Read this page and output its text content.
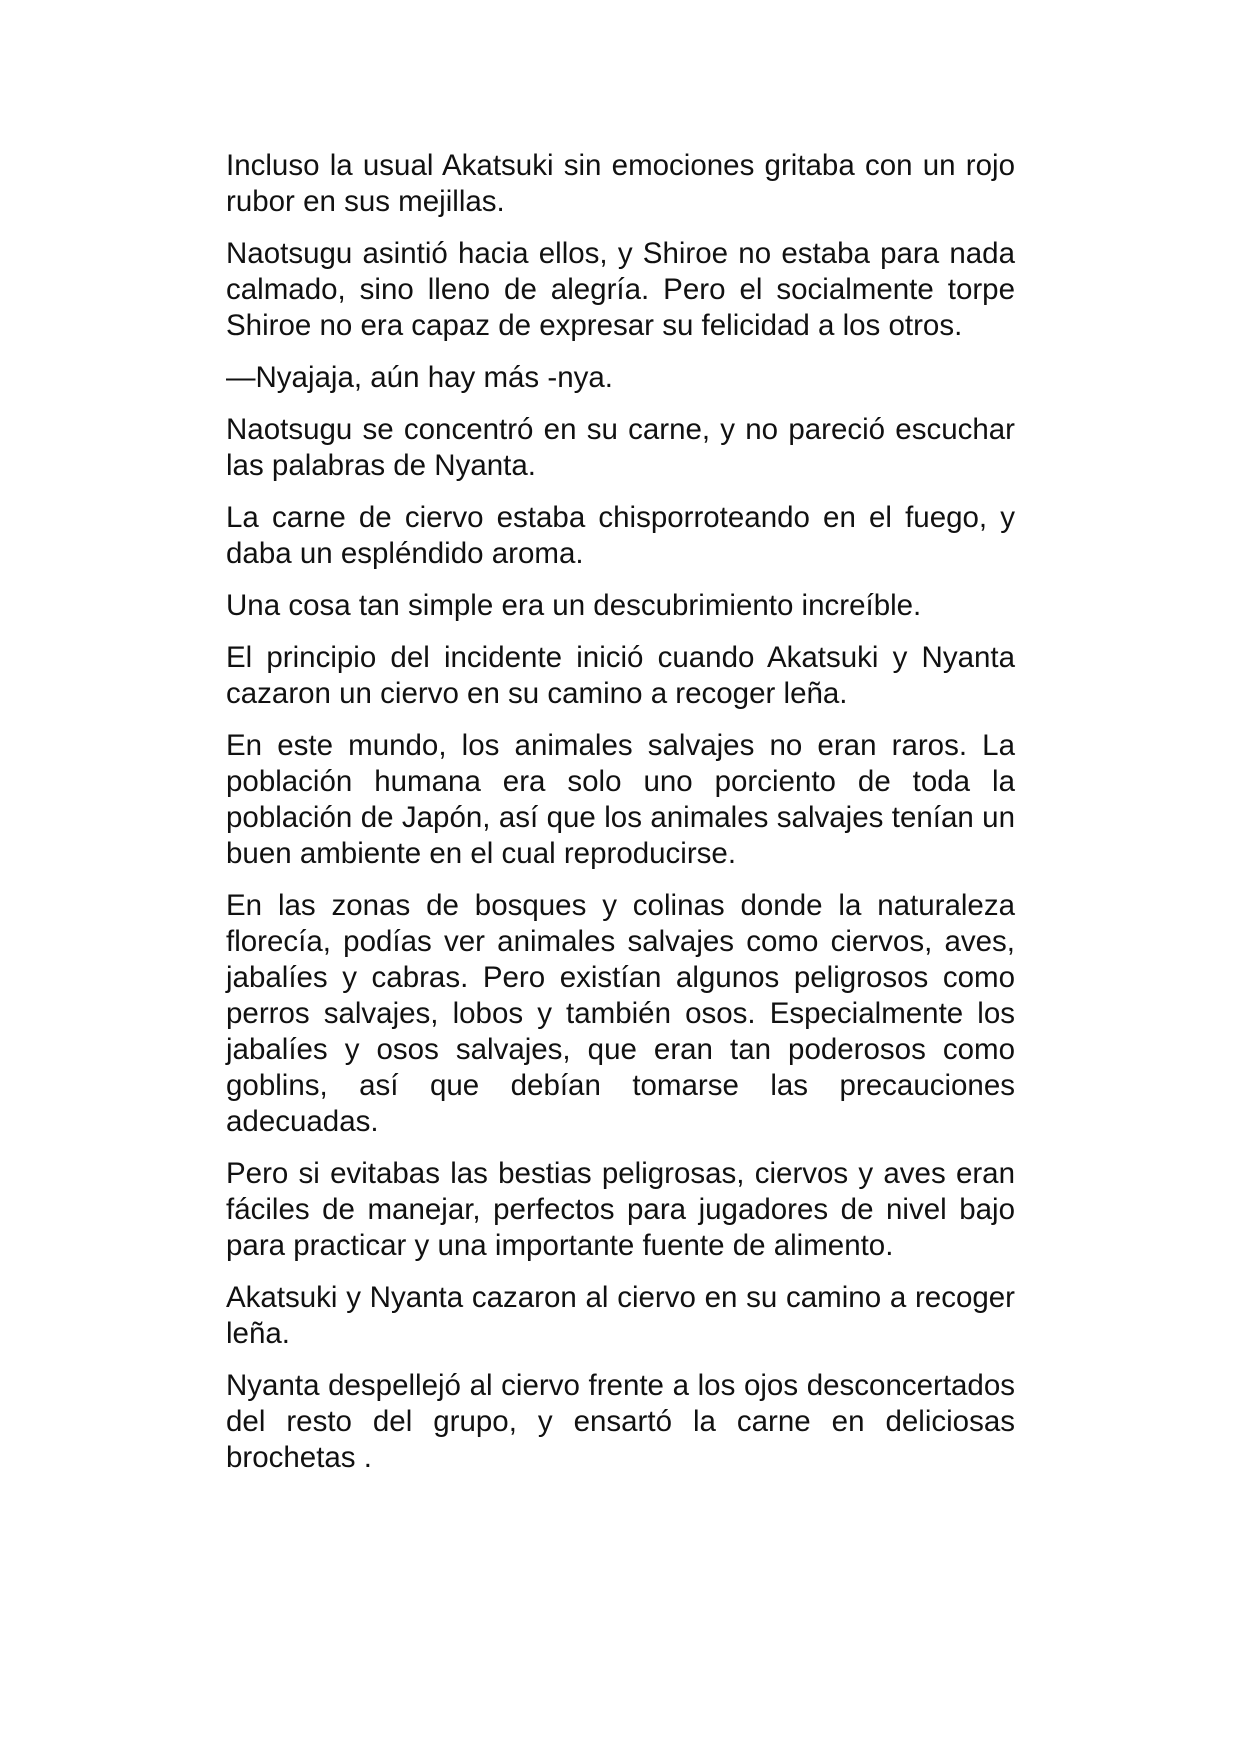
Incluso la usual Akatsuki sin emociones gritaba con un rojo rubor en sus mejillas.

Naotsugu asintió hacia ellos, y Shiroe no estaba para nada calmado, sino lleno de alegría. Pero el socialmente torpe Shiroe no era capaz de expresar su felicidad a los otros.

—Nyajaja, aún hay más -nya.

Naotsugu se concentró en su carne, y no pareció escuchar las palabras de Nyanta.

La carne de ciervo estaba chisporroteando en el fuego, y daba un espléndido aroma.

Una cosa tan simple era un descubrimiento increíble.

El principio del incidente inició cuando Akatsuki y Nyanta cazaron un ciervo en su camino a recoger leña.

En este mundo, los animales salvajes no eran raros. La población humana era solo uno porciento de toda la población de Japón, así que los animales salvajes tenían un buen ambiente en el cual reproducirse.

En las zonas de bosques y colinas donde la naturaleza florecía, podías ver animales salvajes como ciervos, aves, jabalíes y cabras. Pero existían algunos peligrosos como perros salvajes, lobos y también osos. Especialmente los jabalíes y osos salvajes, que eran tan poderosos como goblins, así que debían tomarse las precauciones adecuadas.

Pero si evitabas las bestias peligrosas, ciervos y aves eran fáciles de manejar, perfectos para jugadores de nivel bajo para practicar y una importante fuente de alimento.

Akatsuki y Nyanta cazaron al ciervo en su camino a recoger leña.

Nyanta despellejó al ciervo frente a los ojos desconcertados del resto del grupo, y ensartó la carne en deliciosas brochetas .
